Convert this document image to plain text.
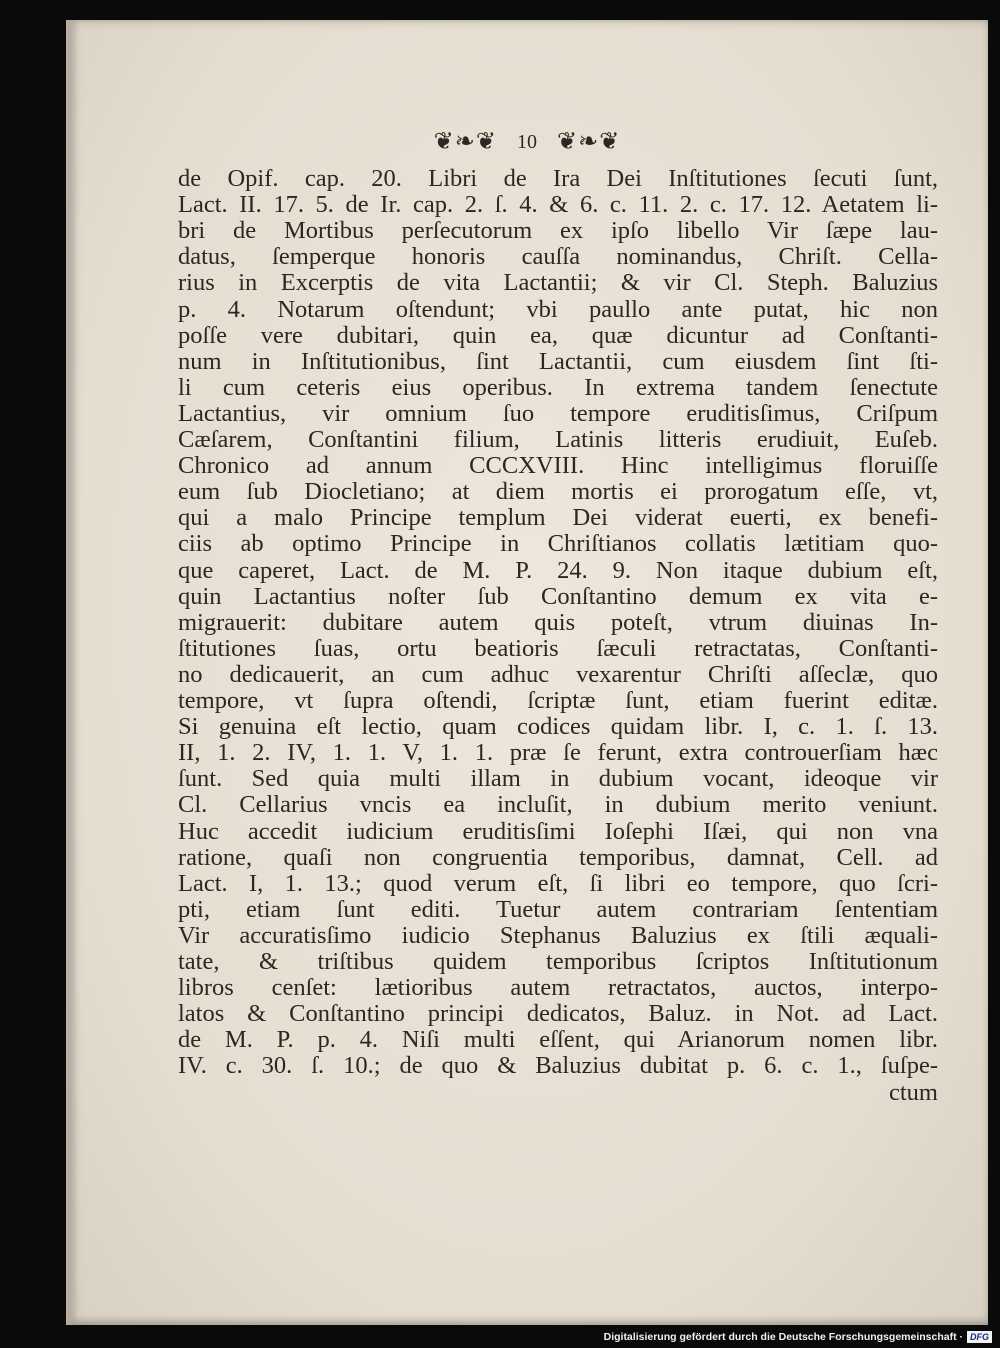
❦❧❦ 10 ❦❧❦
de Opif. cap. 20. Libri de Ira Dei Inſtitutiones ſecuti ſunt,
Lact. II. 17. 5. de Ir. cap. 2. ſ. 4. & 6. c. 11. 2. c. 17. 12. Aetatem li-
bri de Mortibus perſecutorum ex ipſo libello Vir ſæpe lau-
datus, ſemperque honoris cauſſa nominandus, Chriſt. Cella-
rius in Excerptis de vita Lactantii; & vir Cl. Steph. Baluzius
p. 4. Notarum oſtendunt; vbi paullo ante putat, hic non
poſſe vere dubitari, quin ea, quæ dicuntur ad Conſtanti-
num in Inſtitutionibus, ſint Lactantii, cum eiusdem ſint ſti-
li cum ceteris eius operibus. In extrema tandem ſenectute
Lactantius, vir omnium ſuo tempore eruditisſimus, Criſpum
Cæſarem, Conſtantini filium, Latinis litteris erudiuit, Euſeb.
Chronico ad annum CCCXVIII. Hinc intelligimus floruiſſe
eum ſub Diocletiano; at diem mortis ei prorogatum eſſe, vt,
qui a malo Principe templum Dei viderat euerti, ex benefi-
ciis ab optimo Principe in Chriſtianos collatis lætitiam quo-
que caperet, Lact. de M. P. 24. 9. Non itaque dubium eſt,
quin Lactantius noſter ſub Conſtantino demum ex vita e-
migrauerit: dubitare autem quis poteſt, vtrum diuinas In-
ſtitutiones ſuas, ortu beatioris ſæculi retractatas, Conſtanti-
no dedicauerit, an cum adhuc vexarentur Chriſti aſſeclæ, quo
tempore, vt ſupra oſtendi, ſcriptæ ſunt, etiam fuerint editæ.
Si genuina eſt lectio, quam codices quidam libr. I, c. 1. ſ. 13.
II, 1. 2. IV, 1. 1. V, 1. 1. præ ſe ferunt, extra controuerſiam hæc
ſunt. Sed quia multi illam in dubium vocant, ideoque vir
Cl. Cellarius vncis ea incluſit, in dubium merito veniunt.
Huc accedit iudicium eruditisſimi Ioſephi Iſæi, qui non vna
ratione, quaſi non congruentia temporibus, damnat, Cell. ad
Lact. I, 1. 13.; quod verum eſt, ſi libri eo tempore, quo ſcri-
pti, etiam ſunt editi. Tuetur autem contrariam ſententiam
Vir accuratisſimo iudicio Stephanus Baluzius ex ſtili æquali-
tate, & triſtibus quidem temporibus ſcriptos Inſtitutionum
libros cenſet: lætioribus autem retractatos, auctos, interpo-
latos & Conſtantino principi dedicatos, Baluz. in Not. ad Lact.
de M. P. p. 4. Niſi multi eſſent, qui Arianorum nomen libr.
IV. c. 30. ſ. 10.; de quo & Baluzius dubitat p. 6. c. 1., ſuſpe-
ctum
Digitalisierung gefördert durch die Deutsche Forschungsgemeinschaft · DFG
